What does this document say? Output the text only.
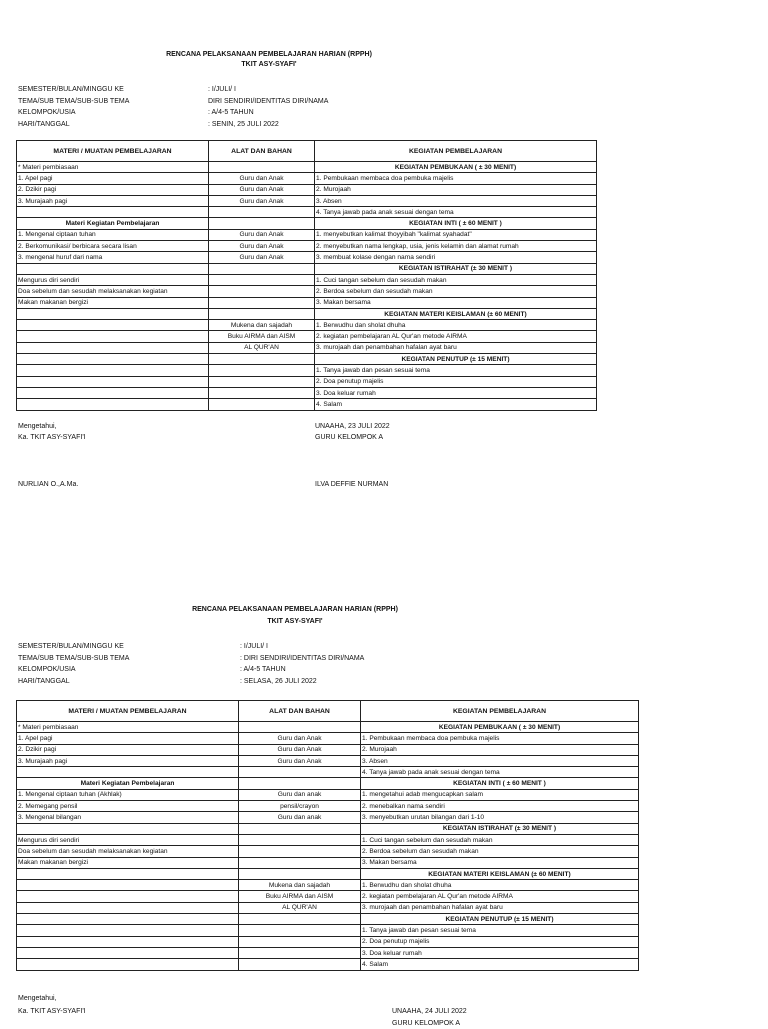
RENCANA PELAKSANAAN PEMBELAJARAN HARIAN (RPPH)
TKIT ASY-SYAFI'
SEMESTER/BULAN/MINGGU KE	: I/JULI/ I
TEMA/SUB TEMA/SUB-SUB TEMA	DIRI SENDIRI/IDENTITAS DIRI/NAMA
KELOMPOK/USIA	: A/4-5 TAHUN
HARI/TANGGAL	: SENIN, 25 JULI 2022
MATERI / MUATAN PEMBELAJARAN	ALAT DAN BAHAN	KEGIATAN PEMBELAJARAN
* Materi pembiasaan		KEGIATAN PEMBUKAAN ( ± 30 MENIT)
1. Apel pagi	Guru dan Anak	1. Pembukaan membaca doa pembuka majelis
2. Dzikir pagi	Guru dan Anak	2. Murojaah
3. Murajaah pagi	Guru dan Anak	3. Absen
		4. Tanya jawab pada anak sesuai dengan tema
Materi Kegiatan Pembelajaran		KEGIATAN INTI ( ± 60 MENIT )
1. Mengenal ciptaan tuhan	Guru dan Anak	1. menyebutkan kalimat thoyyibah "kalimat syahadat"
2. Berkomunikasi/ berbicara secara lisan	Guru dan Anak	2. menyebutkan nama lengkap, usia, jenis kelamin dan alamat rumah
3. mengenal huruf dari nama	Guru dan Anak	3. membuat kolase dengan nama sendiri
		KEGIATAN ISTIRAHAT (± 30 MENIT )
Mengurus diri sendiri		1. Cuci tangan sebelum dan sesudah makan
Doa sebelum dan sesudah melaksanakan kegiatan		2. Berdoa sebelum dan sesudah makan
Makan makanan bergizi		3. Makan bersama
		KEGIATAN MATERI KEISLAMAN (± 60 MENIT)
	Mukena dan sajadah	1. Berwudhu dan sholat dhuha
	Buku AIRMA dan AISM	2. kegiatan pembelajaran AL Qur'an metode AIRMA
	AL QUR'AN	3. murojaah dan penambahan hafalan ayat baru
		KEGIATAN PENUTUP (± 15 MENIT)
		1. Tanya jawab dan pesan sesuai tema
		2. Doa penutup majelis
		3. Doa keluar rumah
		4. Salam
Mengetahui,
Ka. TKIT ASY-SYAFI'I
NURLIAN O.,A.Ma.
UNAAHA, 23 JULI 2022
GURU KELOMPOK A
ILVA DEFFIE NURMAN
RENCANA PELAKSANAAN PEMBELAJARAN HARIAN (RPPH)
TKIT ASY-SYAFI'
SEMESTER/BULAN/MINGGU KE	: I/JULI/ I
TEMA/SUB TEMA/SUB-SUB TEMA	: DIRI SENDIRI/IDENTITAS DIRI/NAMA
KELOMPOK/USIA	: A/4-5 TAHUN
HARI/TANGGAL	: SELASA, 26 JULI 2022
MATERI / MUATAN PEMBELAJARAN	ALAT DAN BAHAN	KEGIATAN PEMBELAJARAN
* Materi pembiasaan		KEGIATAN PEMBUKAAN ( ± 30 MENIT)
1. Apel pagi	Guru dan Anak	1. Pembukaan membaca doa pembuka majelis
2. Dzikir pagi	Guru dan Anak	2. Murojaah
3. Murajaah pagi	Guru dan Anak	3. Absen
		4. Tanya jawab pada anak sesuai dengan tema
Materi Kegiatan Pembelajaran		KEGIATAN INTI ( ± 60 MENIT )
1. Mengenal ciptaan tuhan (Akhlak)	Guru dan anak	1. mengetahui adab mengucapkan salam
2. Memegang pensil	pensil/crayon	2. menebalkan nama sendiri
3. Mengenal bilangan	Guru dan anak	3. menyebutkan urutan bilangan dari 1-10
		KEGIATAN ISTIRAHAT (± 30 MENIT )
Mengurus diri sendiri		1. Cuci tangan sebelum dan sesudah makan
Doa sebelum dan sesudah melaksanakan kegiatan		2. Berdoa sebelum dan sesudah makan
Makan makanan bergizi		3. Makan bersama
		KEGIATAN MATERI KEISLAMAN (± 60 MENIT)
	Mukena dan sajadah	1. Berwudhu dan sholat dhuha
	Buku AIRMA dan AISM	2. kegiatan pembelajaran AL Qur'an metode AIRMA
	AL QUR'AN	3. murojaah dan penambahan hafalan ayat baru
		KEGIATAN PENUTUP (± 15 MENIT)
		1. Tanya jawab dan pesan sesuai tema
		2. Doa penutup majelis
		3. Doa keluar rumah
		4. Salam
Mengetahui,
Ka. TKIT ASY-SYAFI'I	UNAAHA, 24 JULI 2022
GURU KELOMPOK A
